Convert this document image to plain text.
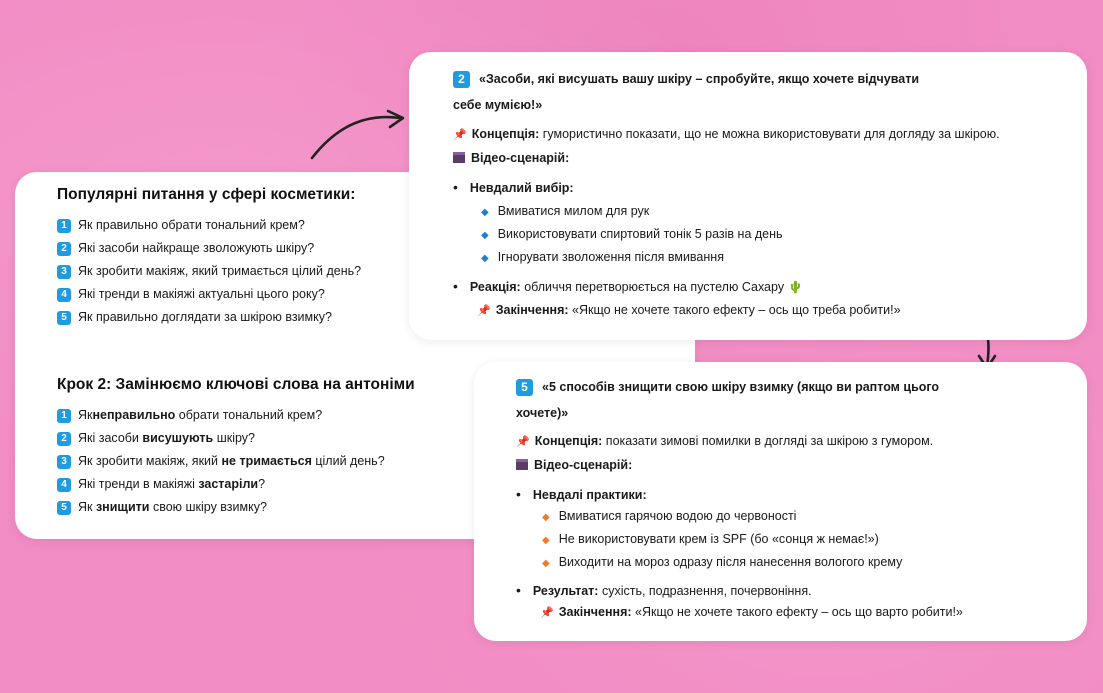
Популярні питання у сфері косметики:
1 Як правильно обрати тональний крем?
2 Які засоби найкраще зволожують шкіру?
3 Як зробити макіяж, який тримається цілий день?
4 Які тренди в макіяжі актуальні цього року?
5 Як правильно доглядати за шкірою взимку?
Крок 2: Замінюємо ключові слова на антоніми
1 Як неправильно обрати тональний крем?
2 Які засоби висушують шкіру?
3 Як зробити макіяж, який не тримається цілий день?
4 Які тренди в макіяжі застаріли ?
5 Як знищити свою шкіру взимку?
2 «Засоби, які висушать вашу шкіру – спробуйте, якщо хочете відчувати
себе мумією!»
📌 Концепція: гумористично показати, що не можна використовувати для догляду за шкірою.
Відео-сценарій:
• Невдалий вибір:
◆ Вмиватися милом для рук
◆ Використовувати спиртовий тонік 5 разів на день
◆ Ігнорувати зволоження після вмивання
• Реакція: обличчя перетворюється на пустелю Сахару 🌵
📌 Закінчення: «Якщо не хочете такого ефекту – ось що треба робити!»
5 «5 способів знищити свою шкіру взимку (якщо ви раптом цього
хочете)»
📌 Концепція: показати зимові помилки в догляді за шкірою з гумором.
Відео-сценарій:
• Невдалі практики:
◆ Вмиватися гарячою водою до червоності
◆ Не використовувати крем із SPF (бо «сонця ж немає!»)
◆ Виходити на мороз одразу після нанесення вологого крему
• Результат: сухість, подразнення, почервоніння.
📌 Закінчення: «Якщо не хочете такого ефекту – ось що варто робити!»
